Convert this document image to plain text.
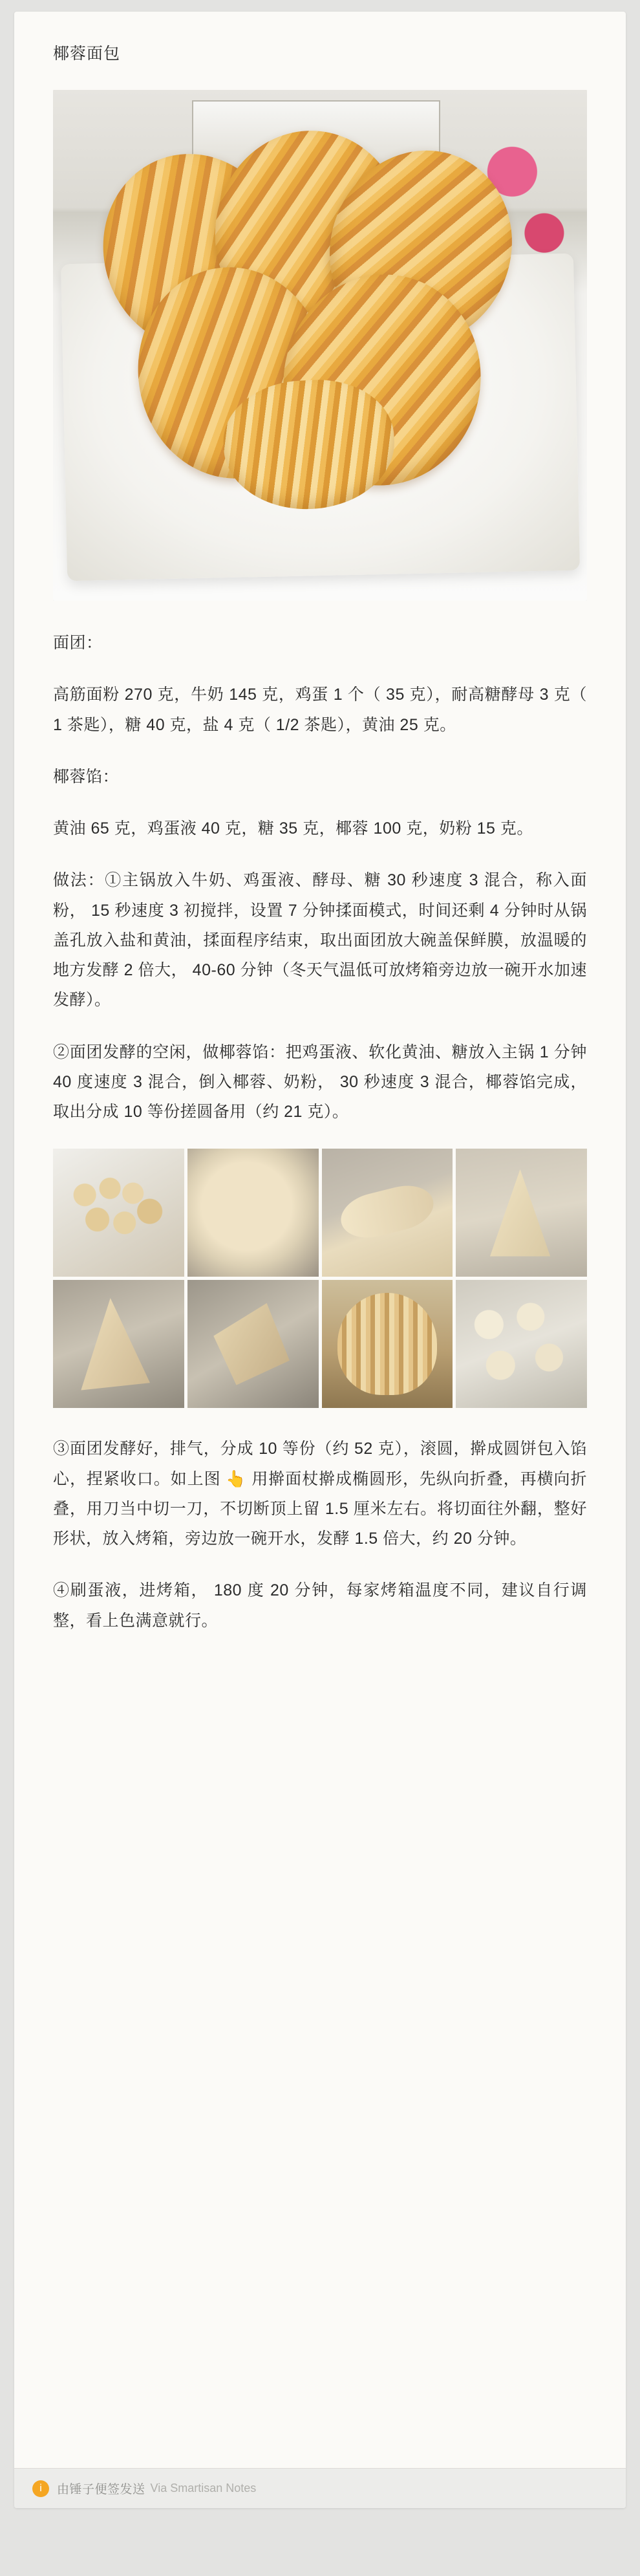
椰蓉面包

面团：

高筋面粉 270 克，牛奶 145 克，鸡蛋 1 个（ 35 克），耐高糖酵母 3 克（ 1 茶匙），糖 40 克，盐 4 克（ 1/2 茶匙），黄油 25 克。

椰蓉馅：

黄油 65 克，鸡蛋液 40 克，糖 35 克，椰蓉 100 克，奶粉 15 克。

做法：①主锅放入牛奶、鸡蛋液、酵母、糖 30 秒速度 3 混合，称入面粉， 15 秒速度 3 初搅拌，设置 7 分钟揉面模式，时间还剩 4 分钟时从锅盖孔放入盐和黄油，揉面程序结束，取出面团放大碗盖保鲜膜，放温暖的地方发酵 2 倍大， 40-60 分钟（冬天气温低可放烤箱旁边放一碗开水加速发酵）。

②面团发酵的空闲，做椰蓉馅：把鸡蛋液、软化黄油、糖放入主锅 1 分钟 40 度速度 3 混合，倒入椰蓉、奶粉， 30 秒速度 3 混合，椰蓉馅完成，取出分成 10 等份搓圆备用（约 21 克）。

③面团发酵好，排气，分成 10 等份（约 52 克），滚圆，擀成圆饼包入馅心，捏紧收口。如上图 👆 用擀面杖擀成椭圆形，先纵向折叠，再横向折叠，用刀当中切一刀，不切断顶上留 1.5 厘米左右。将切面往外翻，整好形状，放入烤箱，旁边放一碗开水，发酵 1.5 倍大，约 20 分钟。

④刷蛋液，进烤箱， 180 度 20 分钟，每家烤箱温度不同，建议自行调整，看上色满意就行。

i	由锤子便签发送 Via Smartisan Notes
